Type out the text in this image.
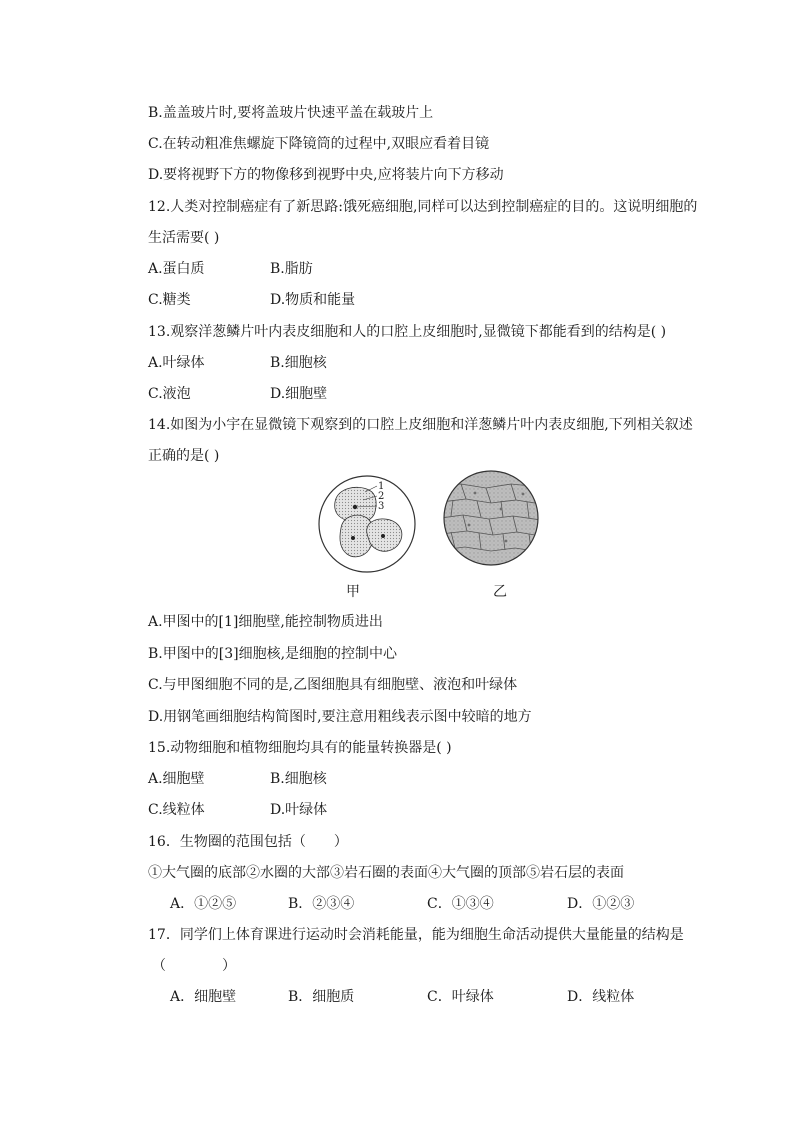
B.盖盖玻片时,要将盖玻片快速平盖在载玻片上
C.在转动粗准焦螺旋下降镜筒的过程中,双眼应看着目镜
D.要将视野下方的物像移到视野中央,应将装片向下方移动
12.人类对控制癌症有了新思路:饿死癌细胞,同样可以达到控制癌症的目的。这说明细胞的
生活需要( )
A.蛋白质	B.脂肪
C.糖类	D.物质和能量
13.观察洋葱鳞片叶内表皮细胞和人的口腔上皮细胞时,显微镜下都能看到的结构是( )
A.叶绿体	B.细胞核
C.液泡	D.细胞壁
14.如图为小宇在显微镜下观察到的口腔上皮细胞和洋葱鳞片叶内表皮细胞,下列相关叙述
正确的是( )
1
2
3
甲	乙
A.甲图中的[1]细胞壁,能控制物质进出
B.甲图中的[3]细胞核,是细胞的控制中心
C.与甲图细胞不同的是,乙图细胞具有细胞壁、液泡和叶绿体
D.用钢笔画细胞结构简图时,要注意用粗线表示图中较暗的地方
15.动物细胞和植物细胞均具有的能量转换器是( )
A.细胞壁	B.细胞核
C.线粒体	D.叶绿体
16．生物圈的范围包括（　　）
①大气圈的底部②水圈的大部③岩石圈的表面④大气圈的顶部⑤岩石层的表面
A．①②⑤	B．②③④	C．①③④	D．①②③
17．同学们上体育课进行运动时会消耗能量，能为细胞生命活动提供大量能量的结构是
（　　　　）
A．细胞壁	B．细胞质	C．叶绿体	D．线粒体
